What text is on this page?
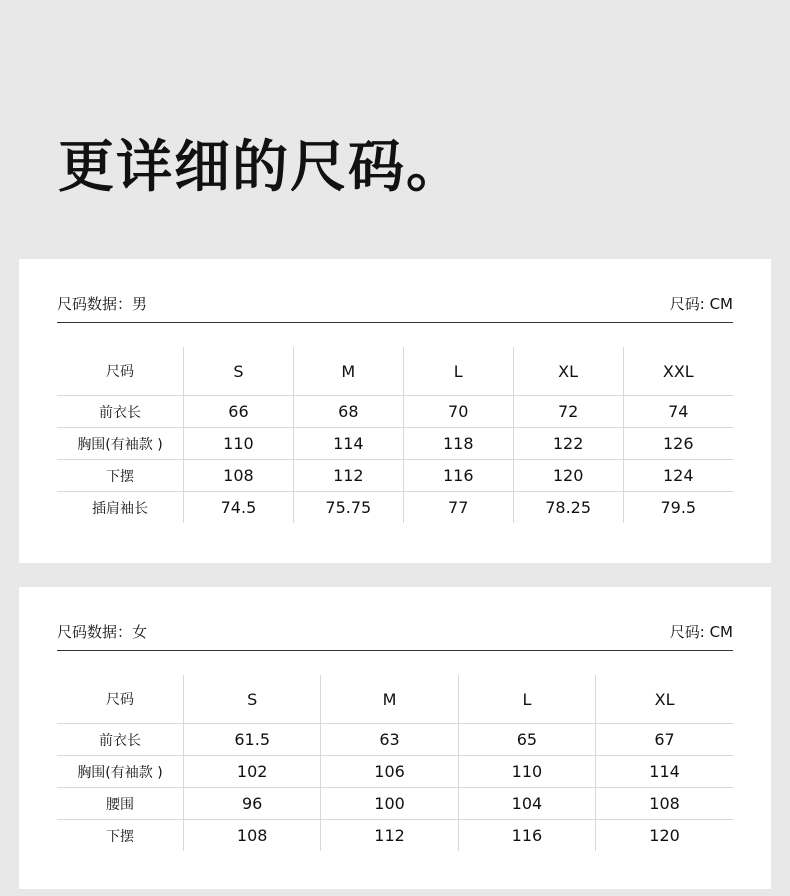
更详细的尺码。
尺码数据：男	尺码: CM
尺码	S	M	L	XL	XXL
前衣长	66	68	70	72	74
胸围(有袖款 )	110	114	118	122	126
下摆	108	112	116	120	124
插肩袖长	74.5	75.75	77	78.25	79.5
尺码数据：女	尺码: CM
尺码	S	M	L	XL
前衣长	61.5	63	65	67
胸围(有袖款 )	102	106	110	114
腰围	96	100	104	108
下摆	108	112	116	120
